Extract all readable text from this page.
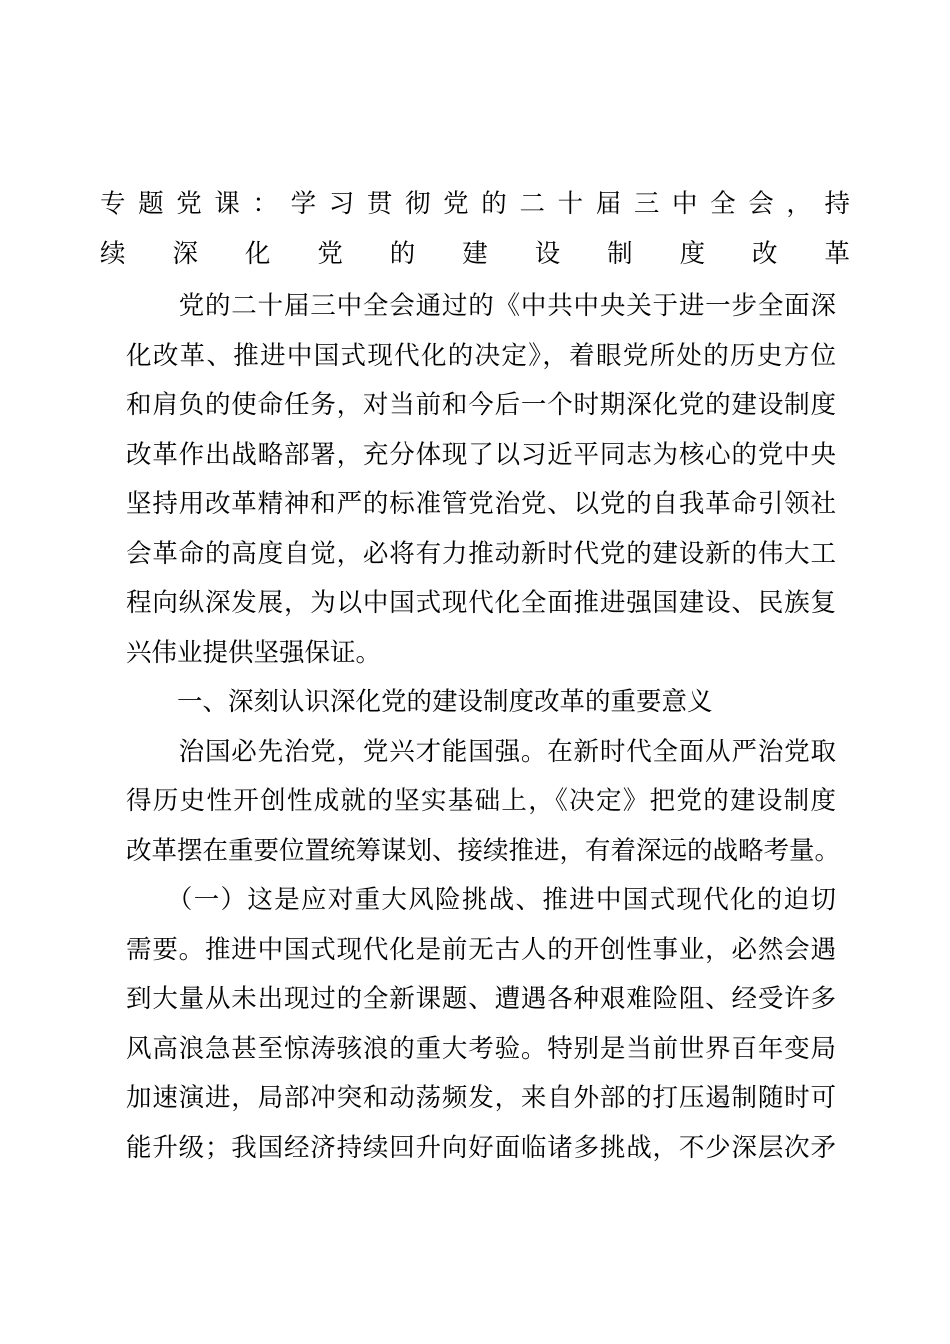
专题党课：学习贯彻党的二十届三中全会，持
续深化党的建设制度改革
　　党的二十届三中全会通过的《中共中央关于进一步全面深
化改革、推进中国式现代化的决定》，着眼党所处的历史方位
和肩负的使命任务，对当前和今后一个时期深化党的建设制度
改革作出战略部署，充分体现了以习近平同志为核心的党中央
坚持用改革精神和严的标准管党治党、以党的自我革命引领社
会革命的高度自觉，必将有力推动新时代党的建设新的伟大工
程向纵深发展，为以中国式现代化全面推进强国建设、民族复
兴伟业提供坚强保证。
　　一、深刻认识深化党的建设制度改革的重要意义
　　治国必先治党，党兴才能国强。在新时代全面从严治党取
得历史性开创性成就的坚实基础上，《决定》把党的建设制度
改革摆在重要位置统筹谋划、接续推进，有着深远的战略考量。
　　（一）这是应对重大风险挑战、推进中国式现代化的迫切
需要。推进中国式现代化是前无古人的开创性事业，必然会遇
到大量从未出现过的全新课题、遭遇各种艰难险阻、经受许多
风高浪急甚至惊涛骇浪的重大考验。特别是当前世界百年变局
加速演进，局部冲突和动荡频发，来自外部的打压遏制随时可
能升级；我国经济持续回升向好面临诸多挑战，不少深层次矛
